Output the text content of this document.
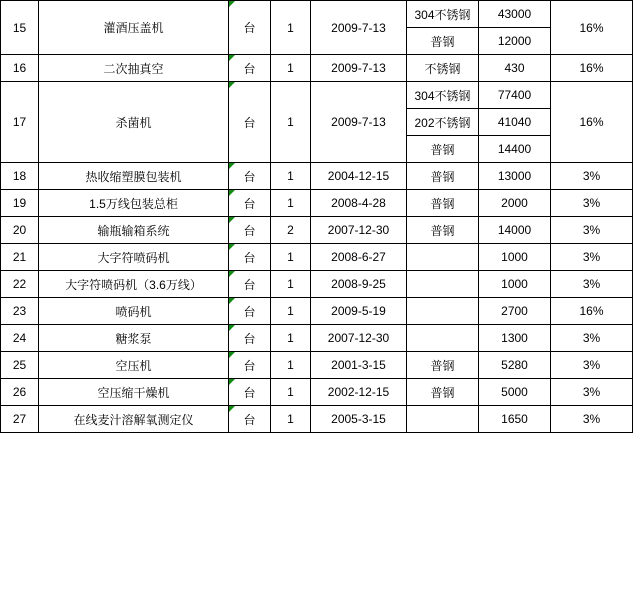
15	灌酒压盖机	台	1	2009-7-13	304不锈钢	43000	16%
					普钢	12000	
16	二次抽真空	台	1	2009-7-13	不锈钢	430	16%
17	杀菌机	台	1	2009-7-13	304不锈钢	77400	16%
					202不锈钢	41040	
					普钢	14400	
18	热收缩塑膜包装机	台	1	2004-12-15	普钢	13000	3%
19	1.5万线包装总柜	台	1	2008-4-28	普钢	2000	3%
20	输瓶输箱系统	台	2	2007-12-30	普钢	14000	3%
21	大字符喷码机	台	1	2008-6-27		1000	3%
22	大字符喷码机（3.6万线）	台	1	2008-9-25		1000	3%
23	喷码机	台	1	2009-5-19		2700	16%
24	糖浆泵	台	1	2007-12-30		1300	3%
25	空压机	台	1	2001-3-15	普钢	5280	3%
26	空压缩干燥机	台	1	2002-12-15	普钢	5000	3%
27	在线麦汁溶解氧测定仪	台	1	2005-3-15		1650	3%
